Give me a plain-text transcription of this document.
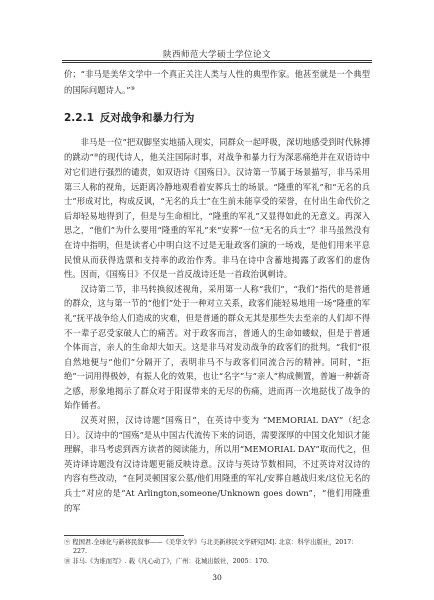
陕西师范大学硕士学位论文

价；“非马是美华文学中一个真正关注人类与人性的典型作家。他甚至就是一个典型的国际问题诗人。”⑨

2.2.1 反对战争和暴力行为

非马是一位“把双脚坚实地插入现实，同群众一起呼吸，深切地感受到时代脉搏的跳动”⑩的现代诗人，他关注国际时事，对战争和暴力行为深恶痛绝并在双语诗中对它们进行强烈的谴责，如双语诗《国殇日》。汉诗第一节属于场景描写，非马采用第三人称的视角，远距离冷静地观看着安葬兵士的场景。“隆重的军礼”和“无名的兵士”形成对比，构成反讽，“无名的兵士”在生前未能享受的荣誉，在付出生命代价之后却轻易地得到了，但是与生命相比，“隆重的军礼”又显得如此的无意义。再深入思之，“他们”为什么要用“隆重的军礼”来“安葬”一位“无名的兵士”？非马虽然没有在诗中指明，但是读者心中明白这不过是无耻政客们演的一场戏，是他们用来平息民愤从而获得选票和支持率的政治作秀。非马在诗中含蓄地揭露了政客们的虚伪性。因而，《国殇日》不仅是一首反战诗还是一首政治讽刺诗。

汉诗第二节，非马转换叙述视角，采用第一人称“我们”，“我们”指代的是普通的群众，这与第一节的“他们”处于一种对立关系，政客们能轻易地用一场“隆重的军礼”抚平战争给人们造成的灾难，但是普通的群众无其是那些失去至亲的人们却不得不一辈子忍受家破人亡的痛苦。对于政客而言，普通人的生命如蝼蚁，但是于普通个体而言，亲人的生命却大如天。这是非马对发动战争的政客们的批判。“我们”很自然地便与“他们”分隔开了，表明非马不与政客们同流合污的精神。同时，“拒绝”一词用得极妙，有振人化的效果，也让“名字”与“亲人”构成侧置，普遍一种新奇之感，形象地揭示了群众对于阳谋带来的无尽的伤痛，进而再一次地挞伐了战争的始作俑者。

汉英对照，汉诗诗题“国殇日”，在英诗中变为 “MEMORIAL DAY”（纪念日）。汉诗中的“国殇”是从中国古代流传下来的词语，需要深厚的中国文化知识才能理解，非马考虑到西方读者的阅读能力，所以用“MEMORIAL DAY”取而代之，但英诗译诗题没有汉诗诗题更能反映诗意。汉诗与英诗节数相同，不过英诗对汉诗的内容有些改动，“在阿灵顿国家公墓/他们用隆重的军礼/安葬自越战归来/这位无名的兵士”对应的是“At Arlington,someone/Unknown goes down”，“他们用隆重的军

⑨ 程国君.全球化与新移民叙事——《美华文学》与北美新移民文学研究[M]. 北京：科学出版社，2017：
227.
⑩ 非马.《为谁而写》. 载《凡心动了》，广州：花城出版社，2005：170.
30
